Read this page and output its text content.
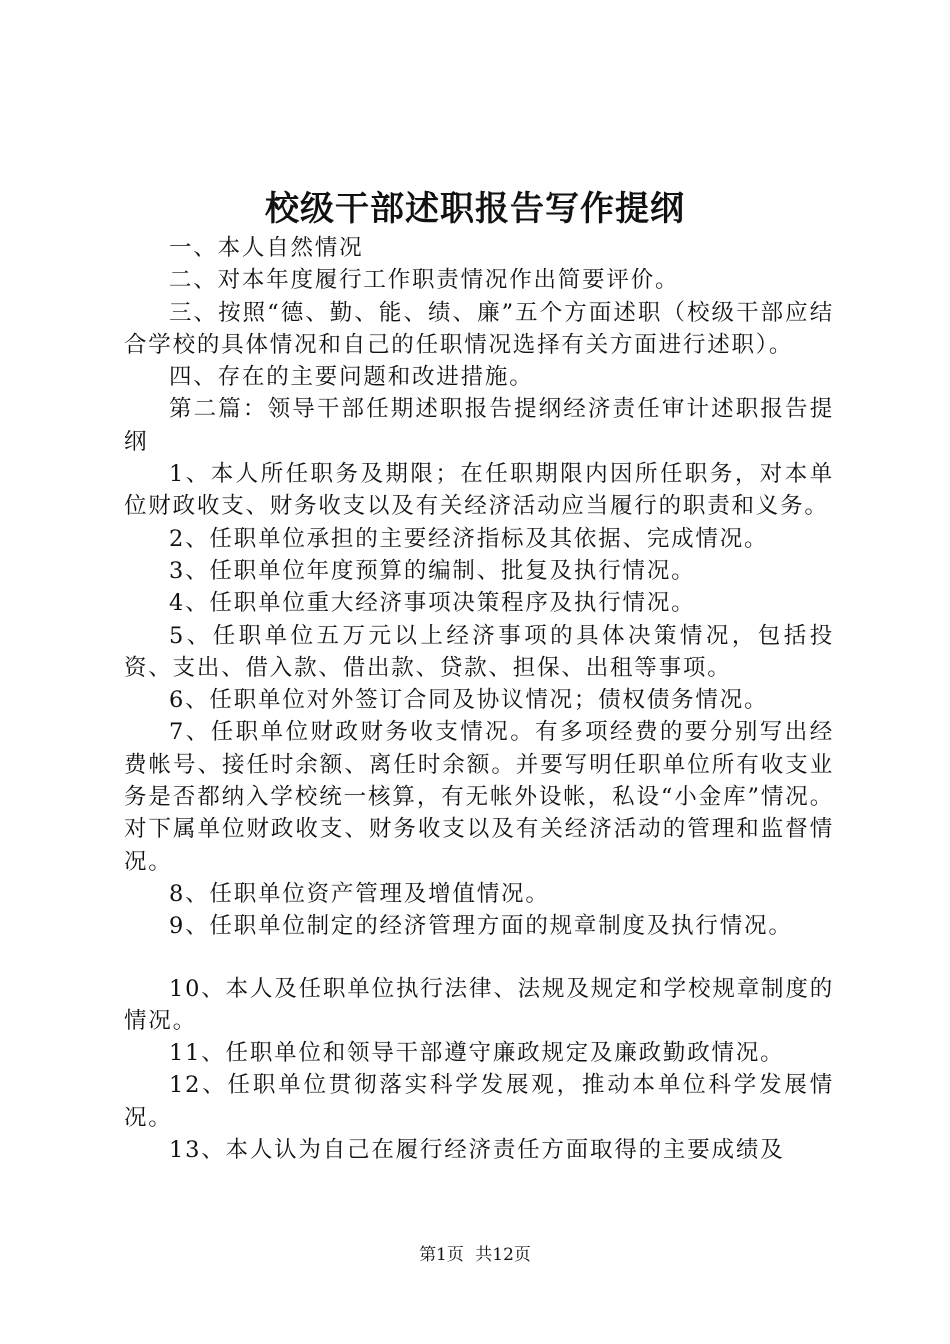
校级干部述职报告写作提纲

一、本人自然情况

二、对本年度履行工作职责情况作出简要评价。

三、按照“德、勤、能、绩、廉”五个方面述职（校级干部应结合学校的具体情况和自己的任职情况选择有关方面进行述职）。

四、存在的主要问题和改进措施。

第二篇：领导干部任期述职报告提纲经济责任审计述职报告提纲

1、本人所任职务及期限；在任职期限内因所任职务，对本单位财政收支、财务收支以及有关经济活动应当履行的职责和义务。

2、任职单位承担的主要经济指标及其依据、完成情况。

3、任职单位年度预算的编制、批复及执行情况。

4、任职单位重大经济事项决策程序及执行情况。

5、任职单位五万元以上经济事项的具体决策情况，包括投资、支出、借入款、借出款、贷款、担保、出租等事项。

6、任职单位对外签订合同及协议情况；债权债务情况。

7、任职单位财政财务收支情况。有多项经费的要分别写出经费帐号、接任时余额、离任时余额。并要写明任职单位所有收支业务是否都纳入学校统一核算，有无帐外设帐，私设“小金库”情况。对下属单位财政收支、财务收支以及有关经济活动的管理和监督情况。

8、任职单位资产管理及增值情况。

9、任职单位制定的经济管理方面的规章制度及执行情况。

10、本人及任职单位执行法律、法规及规定和学校规章制度的情况。

11、任职单位和领导干部遵守廉政规定及廉政勤政情况。

12、任职单位贯彻落实科学发展观，推动本单位科学发展情况。

13、本人认为自己在履行经济责任方面取得的主要成绩及

第1页 共12页
